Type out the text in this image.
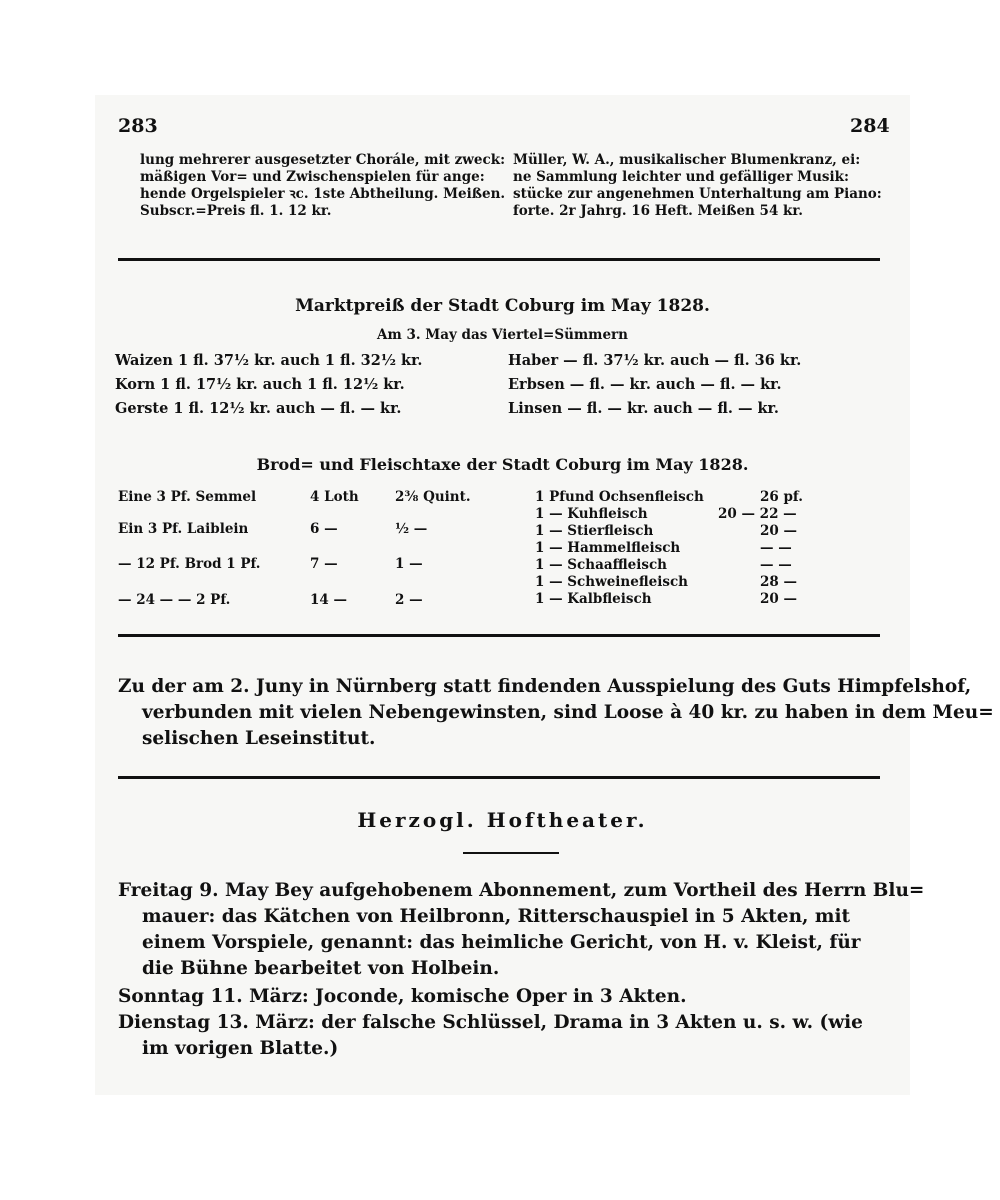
283	284
lung mehrerer ausgesetzter Chorále, mit zweck:
mäßigen Vor= und Zwischenspielen für ange:
hende Orgelspieler ꝛc. 1ste Abtheilung. Meißen.
Subscr.=Preis fl. 1. 12 kr.
Müller, W. A., musikalischer Blumenkranz, ei:
ne Sammlung leichter und gefälliger Musik:
stücke zur angenehmen Unterhaltung am Piano:
forte. 2r Jahrg. 16 Heft. Meißen 54 kr.
Marktpreiß der Stadt Coburg im May 1828.
Am 3. May das Viertel=Sümmern
Waizen 1 fl. 37½ kr. auch 1 fl. 32½ kr.
Korn 1 fl. 17½ kr. auch 1 fl. 12½ kr.
Gerste 1 fl. 12½ kr. auch — fl. — kr.
Haber — fl. 37½ kr. auch — fl. 36 kr.
Erbsen — fl. — kr. auch — fl. — kr.
Linsen — fl. — kr. auch — fl. — kr.
Brod= und Fleischtaxe der Stadt Coburg im May 1828.
Eine 3 Pf. Semmel	4 Loth	2⅜ Quint.
Ein 3 Pf. Laiblein	6 —	½ —
— 12 Pf. Brod 1 Pf.	7 —	1 —
— 24 — — 2 Pf.	14 —	2 —
1 Pfund Ochsenfleisch	26 pf.
1 — Kuhfleisch	20 — 22 —
1 — Stierfleisch	20 —
1 — Hammelfleisch	— —
1 — Schaaffleisch	— —
1 — Schweinefleisch	28 —
1 — Kalbfleisch	20 —
Zu der am 2. Juny in Nürnberg statt findenden Ausspielung des Guts Himpfelshof,
verbunden mit vielen Nebengewinsten, sind Loose à 40 kr. zu haben in dem Meu=
selischen Leseinstitut.
Herzogl. Hoftheater.
Freitag 9. May Bey aufgehobenem Abonnement, zum Vortheil des Herrn Blu=
mauer: das Kätchen von Heilbronn, Ritterschauspiel in 5 Akten, mit
einem Vorspiele, genannt: das heimliche Gericht, von H. v. Kleist, für
die Bühne bearbeitet von Holbein.
Sonntag 11. März: Joconde, komische Oper in 3 Akten.
Dienstag 13. März: der falsche Schlüssel, Drama in 3 Akten u. s. w. (wie
im vorigen Blatte.)
